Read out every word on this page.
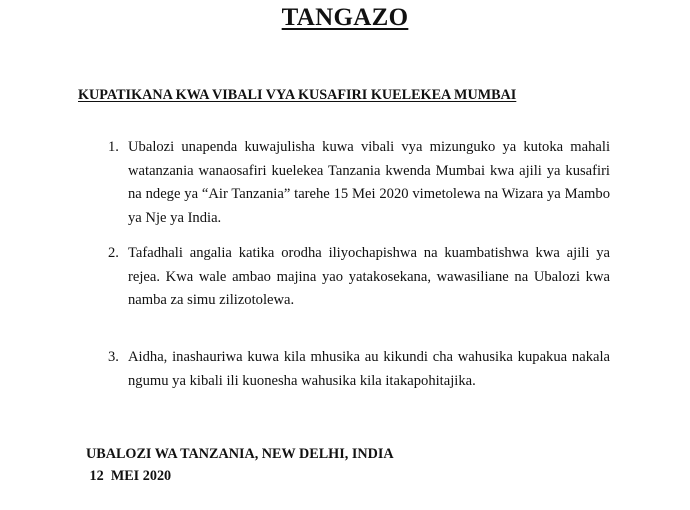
TANGAZO
KUPATIKANA KWA VIBALI VYA KUSAFIRI KUELEKEA MUMBAI
1. Ubalozi unapenda kuwajulisha kuwa vibali vya mizunguko ya kutoka mahali watanzania wanaosafiri kuelekea Tanzania kwenda Mumbai kwa ajili ya kusafiri na ndege ya “Air Tanzania” tarehe 15 Mei 2020 vimetolewa na Wizara ya Mambo ya Nje ya India.
2. Tafadhali angalia katika orodha iliyochapishwa na kuambatishwa kwa ajili ya rejea. Kwa wale ambao majina yao yatakosekana, wawasiliane na Ubalozi kwa namba za simu zilizotolewa.
3. Aidha, inashauriwa kuwa kila mhusika au kikundi cha wahusika kupakua nakala ngumu ya kibali ili kuonesha wahusika kila itakapohitajika.
UBALOZI WA TANZANIA, NEW DELHI, INDIA
12  MEI 2020
